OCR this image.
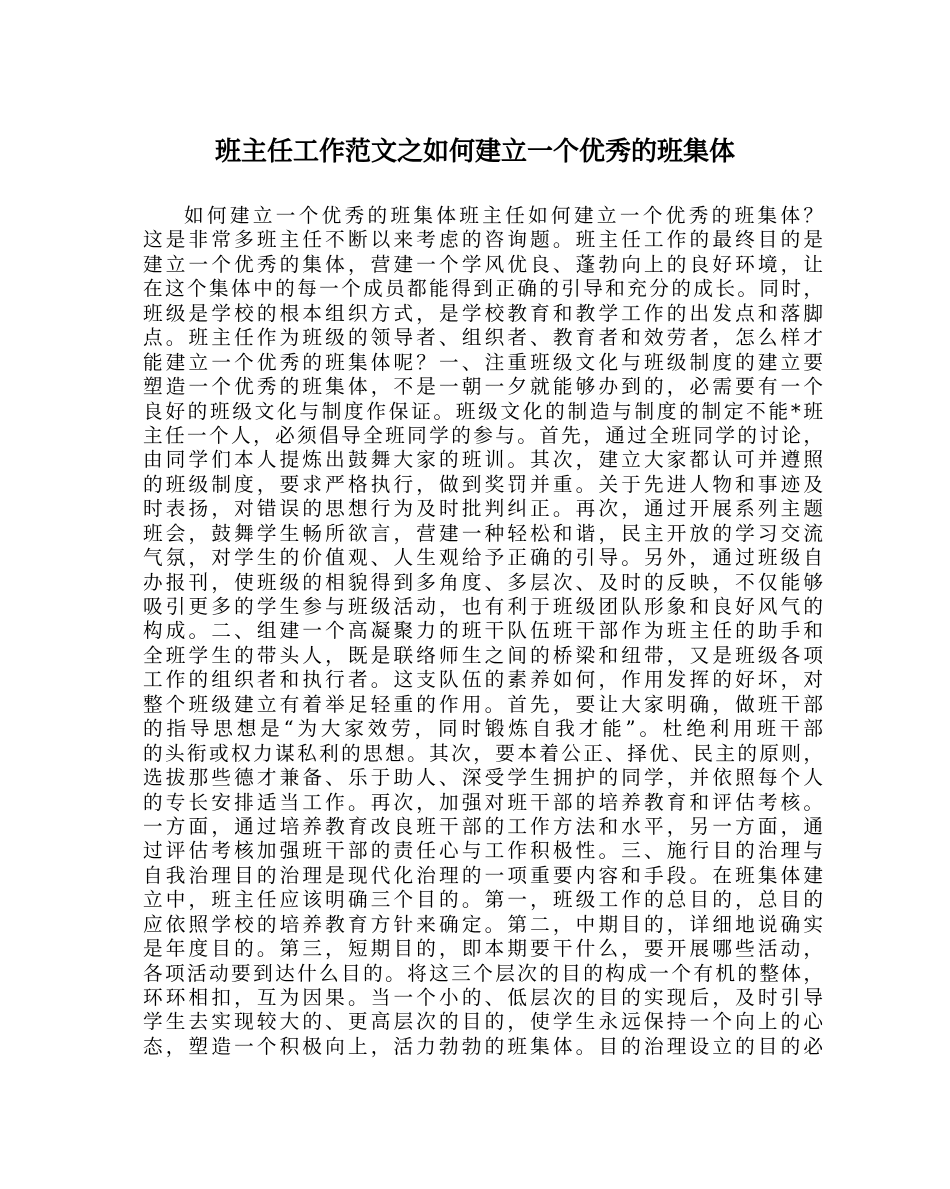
班主任工作范文之如何建立一个优秀的班集体
如何建立一个优秀的班集体班主任如何建立一个优秀的班集体？
这是非常多班主任不断以来考虑的咨询题。班主任工作的最终目的是
建立一个优秀的集体，营建一个学风优良、蓬勃向上的良好环境，让
在这个集体中的每一个成员都能得到正确的引导和充分的成长。同时，
班级是学校的根本组织方式，是学校教育和教学工作的出发点和落脚
点。班主任作为班级的领导者、组织者、教育者和效劳者，怎么样才
能建立一个优秀的班集体呢？一、注重班级文化与班级制度的建立要
塑造一个优秀的班集体，不是一朝一夕就能够办到的，必需要有一个
良好的班级文化与制度作保证。班级文化的制造与制度的制定不能*班
主任一个人，必须倡导全班同学的参与。首先，通过全班同学的讨论，
由同学们本人提炼出鼓舞大家的班训。其次，建立大家都认可并遵照
的班级制度，要求严格执行，做到奖罚并重。关于先进人物和事迹及
时表扬，对错误的思想行为及时批判纠正。再次，通过开展系列主题
班会，鼓舞学生畅所欲言，营建一种轻松和谐，民主开放的学习交流
气氛，对学生的价值观、人生观给予正确的引导。另外，通过班级自
办报刊，使班级的相貌得到多角度、多层次、及时的反映，不仅能够
吸引更多的学生参与班级活动，也有利于班级团队形象和良好风气的
构成。二、组建一个高凝聚力的班干队伍班干部作为班主任的助手和
全班学生的带头人，既是联络师生之间的桥梁和纽带，又是班级各项
工作的组织者和执行者。这支队伍的素养如何，作用发挥的好坏，对
整个班级建立有着举足轻重的作用。首先，要让大家明确，做班干部
的指导思想是“为大家效劳，同时锻炼自我才能”。杜绝利用班干部
的头衔或权力谋私利的思想。其次，要本着公正、择优、民主的原则，
选拔那些德才兼备、乐于助人、深受学生拥护的同学，并依照每个人
的专长安排适当工作。再次，加强对班干部的培养教育和评估考核。
一方面，通过培养教育改良班干部的工作方法和水平，另一方面，通
过评估考核加强班干部的责任心与工作积极性。三、施行目的治理与
自我治理目的治理是现代化治理的一项重要内容和手段。在班集体建
立中，班主任应该明确三个目的。第一，班级工作的总目的，总目的
应依照学校的培养教育方针来确定。第二，中期目的，详细地说确实
是年度目的。第三，短期目的，即本期要干什么，要开展哪些活动，
各项活动要到达什么目的。将这三个层次的目的构成一个有机的整体，
环环相扣，互为因果。当一个小的、低层次的目的实现后，及时引导
学生去实现较大的、更高层次的目的，使学生永远保持一个向上的心
态，塑造一个积极向上，活力勃勃的班集体。目的治理设立的目的必
